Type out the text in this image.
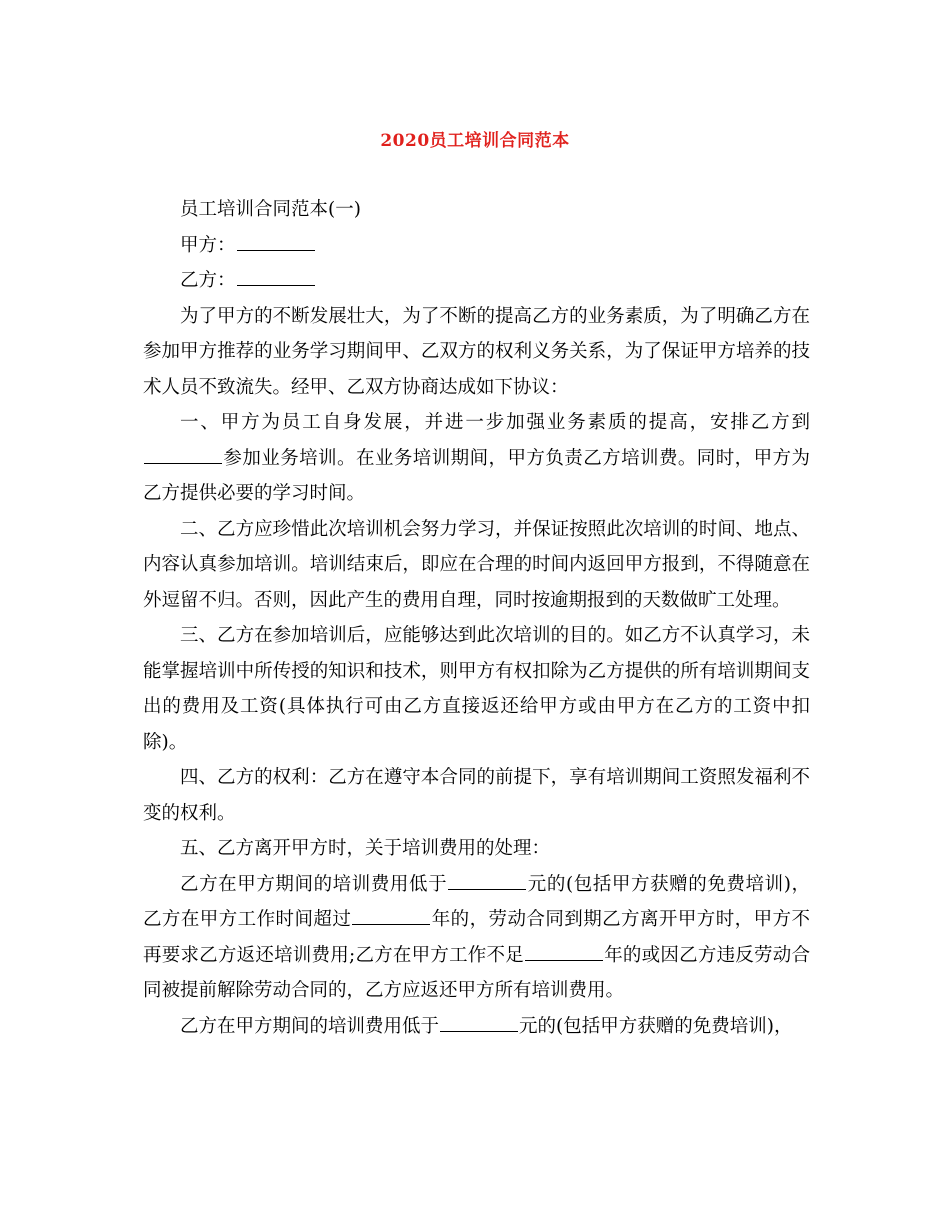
2020员工培训合同范本

员工培训合同范本(一)

甲方：

乙方：

为了甲方的不断发展壮大，为了不断的提高乙方的业务素质，为了明确乙方在参加甲方推荐的业务学习期间甲、乙双方的权利义务关系，为了保证甲方培养的技术人员不致流失。经甲、乙双方协商达成如下协议：

一、甲方为员工自身发展，并进一步加强业务素质的提高，安排乙方到参加业务培训。在业务培训期间，甲方负责乙方培训费。同时，甲方为乙方提供必要的学习时间。

二、乙方应珍惜此次培训机会努力学习，并保证按照此次培训的时间、地点、内容认真参加培训。培训结束后，即应在合理的时间内返回甲方报到，不得随意在外逗留不归。否则，因此产生的费用自理，同时按逾期报到的天数做旷工处理。

三、乙方在参加培训后，应能够达到此次培训的目的。如乙方不认真学习，未能掌握培训中所传授的知识和技术，则甲方有权扣除为乙方提供的所有培训期间支出的费用及工资(具体执行可由乙方直接返还给甲方或由甲方在乙方的工资中扣除)。

四、乙方的权利：乙方在遵守本合同的前提下，享有培训期间工资照发福利不变的权利。

五、乙方离开甲方时，关于培训费用的处理：

乙方在甲方期间的培训费用低于	元的(包括甲方获赠的免费培训)，乙方在甲方工作时间超过	年的，劳动合同到期乙方离开甲方时，甲方不再要求乙方返还培训费用;乙方在甲方工作不足	年的或因乙方违反劳动合同被提前解除劳动合同的，乙方应返还甲方所有培训费用。

乙方在甲方期间的培训费用低于	元的(包括甲方获赠的免费培训)，
